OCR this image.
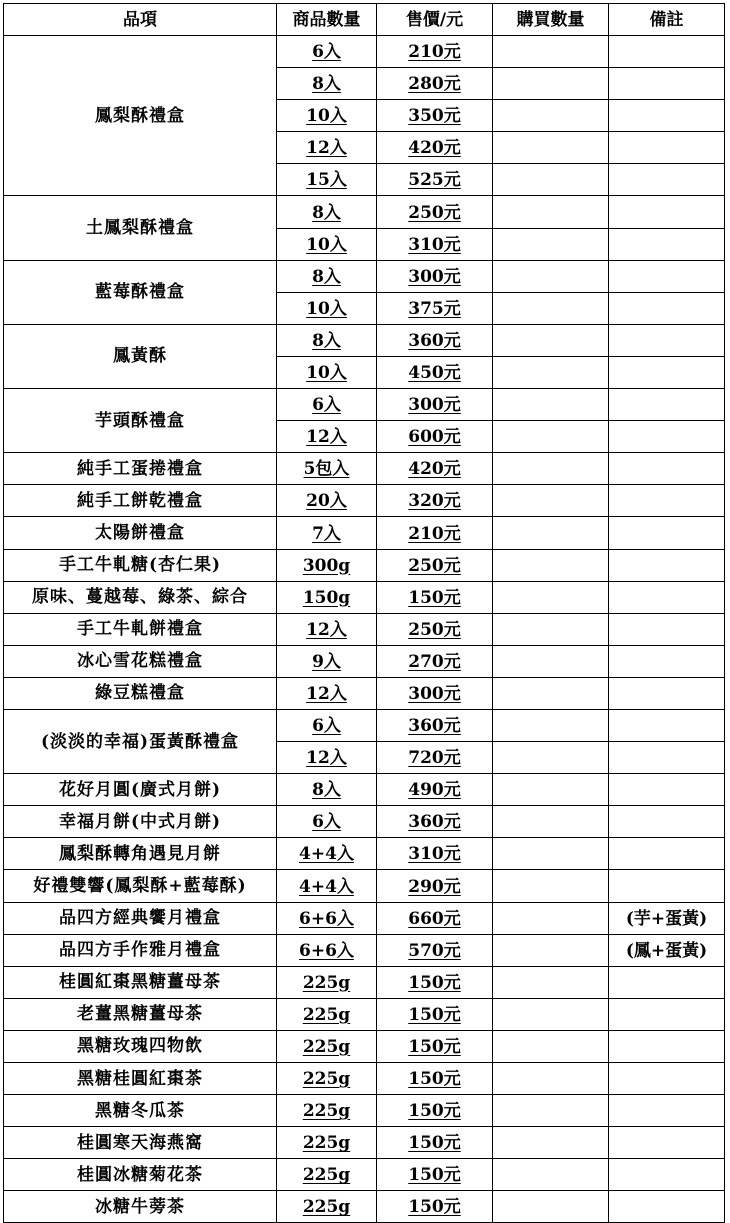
品項	商品數量	售價/元	購買數量	備註
鳳梨酥禮盒	6入	210元		
	8入	280元		
	10入	350元		
	12入	420元		
	15入	525元		
土鳳梨酥禮盒	8入	250元		
	10入	310元		
藍莓酥禮盒	8入	300元		
	10入	375元		
鳳黃酥	8入	360元		
	10入	450元		
芋頭酥禮盒	6入	300元		
	12入	600元		
純手工蛋捲禮盒	5包入	420元		
純手工餅乾禮盒	20入	320元		
太陽餅禮盒	7入	210元		
手工牛軋糖(杏仁果)	300g	250元		
原味、蔓越莓、綠茶、綜合	150g	150元		
手工牛軋餅禮盒	12入	250元		
冰心雪花糕禮盒	9入	270元		
綠豆糕禮盒	12入	300元		
(淡淡的幸福)蛋黃酥禮盒	6入	360元		
	12入	720元		
花好月圓(廣式月餅)	8入	490元		
幸福月餅(中式月餅)	6入	360元		
鳳梨酥轉角遇見月餅	4+4入	310元		
好禮雙響(鳳梨酥+藍莓酥)	4+4入	290元		
品四方經典饗月禮盒	6+6入	660元		(芋+蛋黃)
品四方手作雅月禮盒	6+6入	570元		(鳳+蛋黃)
桂圓紅棗黑糖薑母茶	225g	150元		
老薑黑糖薑母茶	225g	150元		
黑糖玫瑰四物飲	225g	150元		
黑糖桂圓紅棗茶	225g	150元		
黑糖冬瓜茶	225g	150元		
桂圓寒天海燕窩	225g	150元		
桂圓冰糖菊花茶	225g	150元		
冰糖牛蒡茶	225g	150元		
